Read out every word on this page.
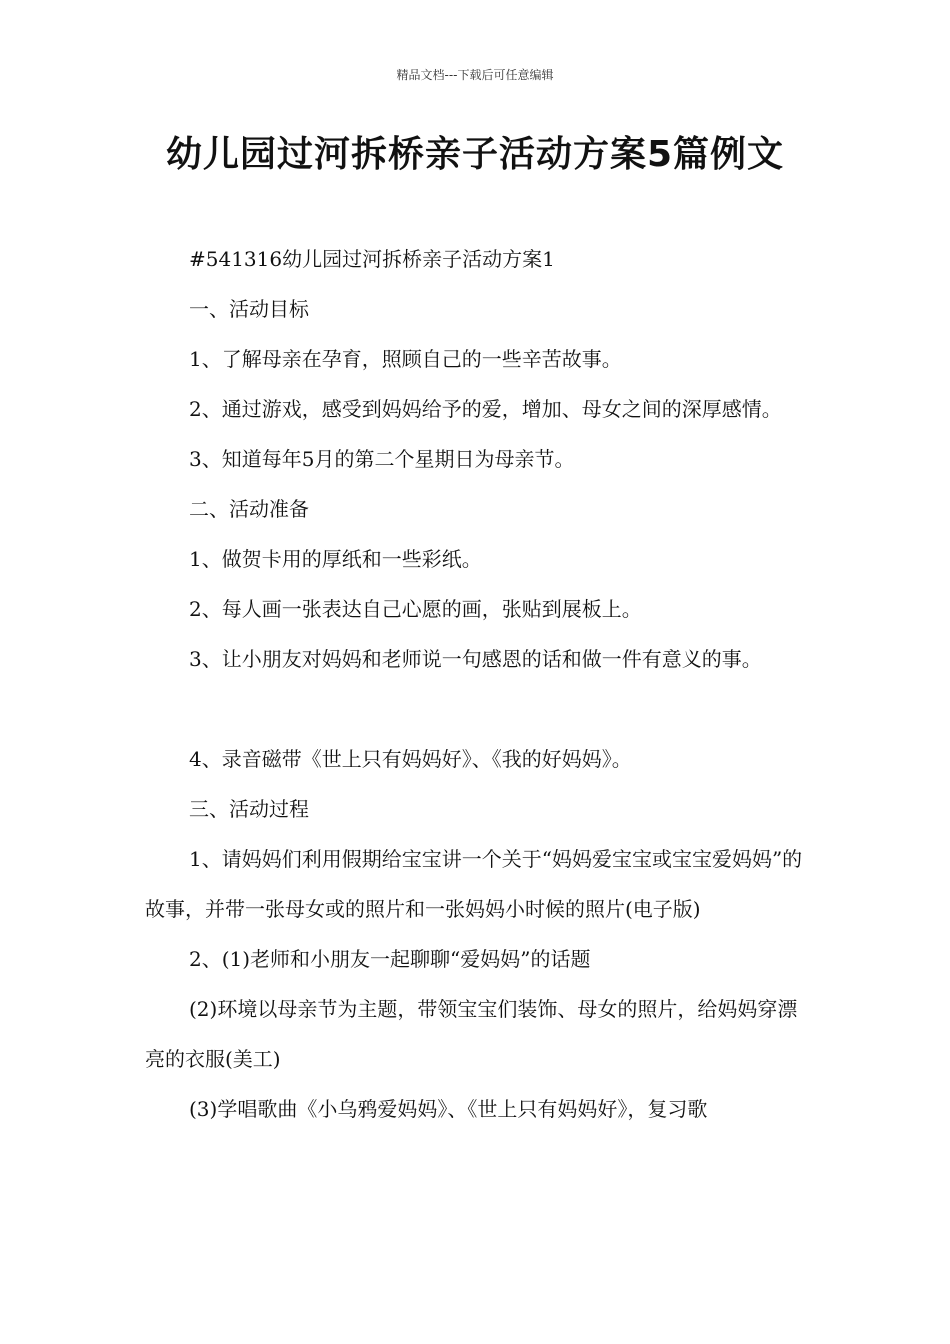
精品文档---下载后可任意编辑
幼儿园过河拆桥亲子活动方案5篇例文

#541316幼儿园过河拆桥亲子活动方案1

一、活动目标

1、了解母亲在孕育，照顾自己的一些辛苦故事。

2、通过游戏，感受到妈妈给予的爱，增加、母女之间的深厚感情。

3、知道每年5月的第二个星期日为母亲节。

二、活动准备

1、做贺卡用的厚纸和一些彩纸。

2、每人画一张表达自己心愿的画，张贴到展板上。

3、让小朋友对妈妈和老师说一句感恩的话和做一件有意义的事。

4、录音磁带《世上只有妈妈好》、《我的好妈妈》。

三、活动过程

1、请妈妈们利用假期给宝宝讲一个关于“妈妈爱宝宝或宝宝爱妈妈”的故事，并带一张母女或的照片和一张妈妈小时候的照片(电子版)

2、(1)老师和小朋友一起聊聊“爱妈妈”的话题

(2)环境以母亲节为主题，带领宝宝们装饰、母女的照片，给妈妈穿漂亮的衣服(美工)

(3)学唱歌曲《小乌鸦爱妈妈》、《世上只有妈妈好》，复习歌
